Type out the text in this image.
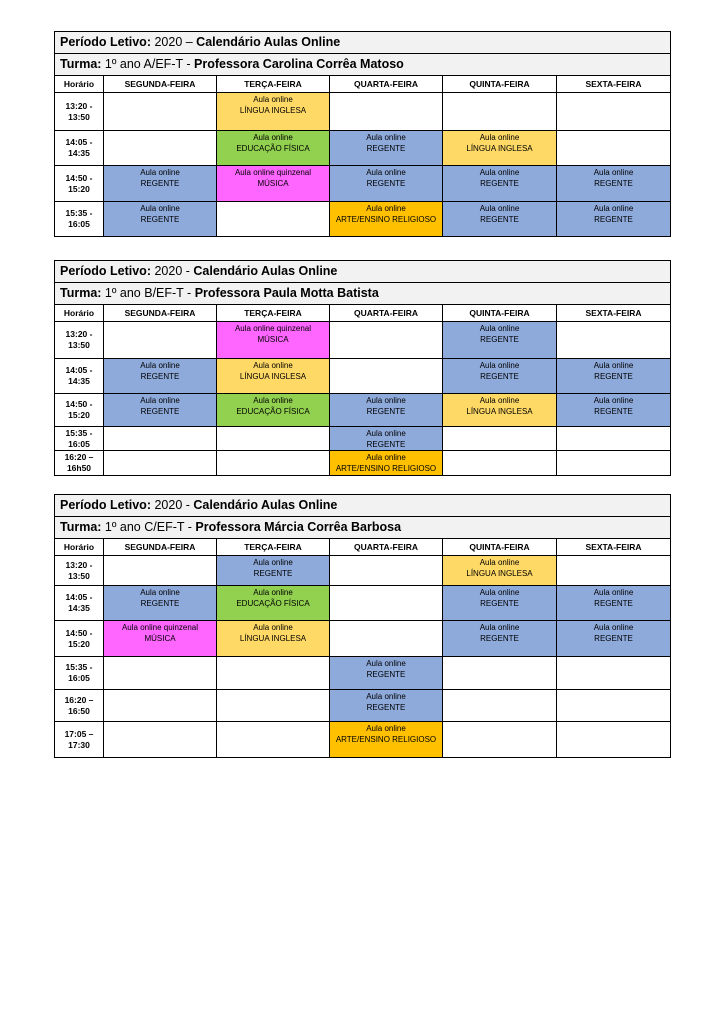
Período Letivo: 2020 – Calendário Aulas Online					
Turma: 1º ano A/EF-T - Professora Carolina Corrêa Matoso					
Horário	SEGUNDA-FEIRA	TERÇA-FEIRA	QUARTA-FEIRA	QUINTA-FEIRA	SEXTA-FEIRA
13:20 -
13:50		Aula online
LÍNGUA INGLESA			
14:05 -
14:35		Aula online
EDUCAÇÃO FÍSICA	Aula online
REGENTE	Aula online
LÍNGUA INGLESA	
14:50 -
15:20	Aula online
REGENTE	Aula online quinzenal
MÚSICA	Aula online
REGENTE	Aula online
REGENTE	Aula online
REGENTE
15:35 -
16:05	Aula online
REGENTE		Aula online
ARTE/ENSINO RELIGIOSO	Aula online
REGENTE	Aula online
REGENTE
Período Letivo: 2020 - Calendário Aulas Online					
Turma: 1º ano B/EF-T - Professora Paula Motta Batista					
Horário	SEGUNDA-FEIRA	TERÇA-FEIRA	QUARTA-FEIRA	QUINTA-FEIRA	SEXTA-FEIRA
13:20 -
13:50		Aula online quinzenal
MÚSICA		Aula online
REGENTE	
14:05 -
14:35	Aula online
REGENTE	Aula online
LÍNGUA INGLESA		Aula online
REGENTE	Aula online
REGENTE
14:50 -
15:20	Aula online
REGENTE	Aula online
EDUCAÇÃO FÍSICA	Aula online
REGENTE	Aula online
LÍNGUA INGLESA	Aula online
REGENTE
15:35 -
16:05			Aula online
REGENTE		
16:20 –
16h50			Aula online
ARTE/ENSINO RELIGIOSO		
Período Letivo: 2020 - Calendário Aulas Online					
Turma: 1º ano C/EF-T - Professora Márcia Corrêa Barbosa					
Horário	SEGUNDA-FEIRA	TERÇA-FEIRA	QUARTA-FEIRA	QUINTA-FEIRA	SEXTA-FEIRA
13:20 -
13:50		Aula online
REGENTE		Aula online
LÍNGUA INGLESA	
14:05 -
14:35	Aula online
REGENTE	Aula online
EDUCAÇÃO FÍSICA		Aula online
REGENTE	Aula online
REGENTE
14:50 -
15:20	Aula online quinzenal
MÚSICA	Aula online
LÍNGUA INGLESA		Aula online
REGENTE	Aula online
REGENTE
15:35 -
16:05			Aula online
REGENTE		
16:20 –
16:50			Aula online
REGENTE		
17:05 –
17:30			Aula online
ARTE/ENSINO RELIGIOSO		
